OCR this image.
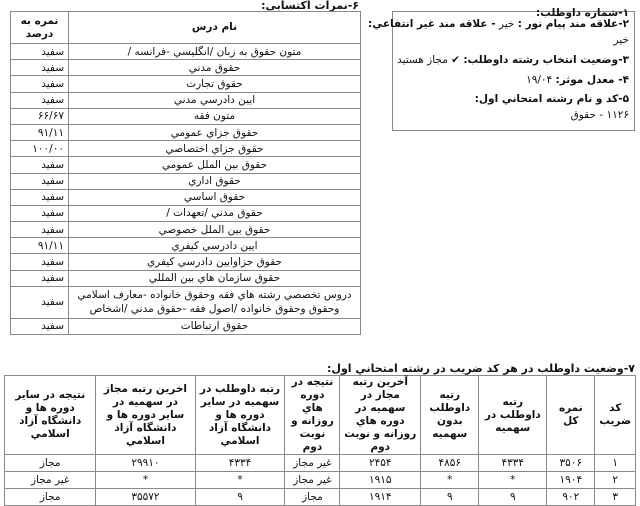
۶-نمرات اکتسابی:
نام درس	نمره به درصد
متون حقوق به زبان /انگليسي -فرانسه /	سفيد
حقوق مدني	سفيد
حقوق تجارت	سفيد
ايين دادرسي مدني	سفيد
متون فقه	۶۶/۶۷
حقوق جزاي عمومي	۹۱/۱۱
حقوق جزاي اختصاصي	۱۰۰/۰۰
حقوق بين الملل عمومي	سفيد
حقوق اداري	سفيد
حقوق اساسي	سفيد
حقوق مدني /تعهدات /	سفيد
حقوق بين الملل خصوصي	سفيد
ايين دادرسي كيفري	۹۱/۱۱
حقوق جزاوايين دادرسي كيفري	سفيد
حقوق سازمان هاي بين المللي	سفيد
دروس تخصصي رشته هاي فقه وحقوق خانواده -معارف اسلامي وحقوق وحقوق خانواده /اصول فقه -حقوق مدني /اشخاص	سفيد
حقوق ارتباطات	سفيد
۱-شماره داوطلب:
۲-علاقه مند پيام نور : خير - علاقه مند غير انتفاعي:
خير
۳-وضعيت انتخاب رشته داوطلب: ✔ مجاز هستيد
۴- معدل موثر: ۱۹/۰۴
۵-كد و نام رشته امتحاني اول:
۱۱۲۶ - حقوق
۷-وضعيت داوطلب در هر كد ضريب در رشته امتحاني اول:
كد ضريب	نمره كل	رتبه داوطلب در سهميه	رتبه داوطلب بدون سهميه	آخرين رتبه مجاز در سهميه در دوره هاي روزانه و نوبت دوم	نتيجه در دوره هاي روزانه و نوبت دوم	رتبه داوطلب در سهميه در ساير دوره ها و دانشگاه آزاد اسلامي	اخرين رتبه مجاز در سهميه در ساير دوره ها و دانشگاه آزاد اسلامي	نتيجه در ساير دوره ها و دانشگاه آزاد اسلامي
۱	۳۵۰۶	۴۳۳۴	۴۸۵۶	۲۴۵۴	غير مجاز	۴۳۳۴	۲۹۹۱۰	مجاز
۲	۱۹۰۴	*	*	۱۹۱۵	غير مجاز	*	*	غير مجاز
۳	۹۰۲	۹	۹	۱۹۱۴	مجاز	۹	۳۵۵۷۲	مجاز
